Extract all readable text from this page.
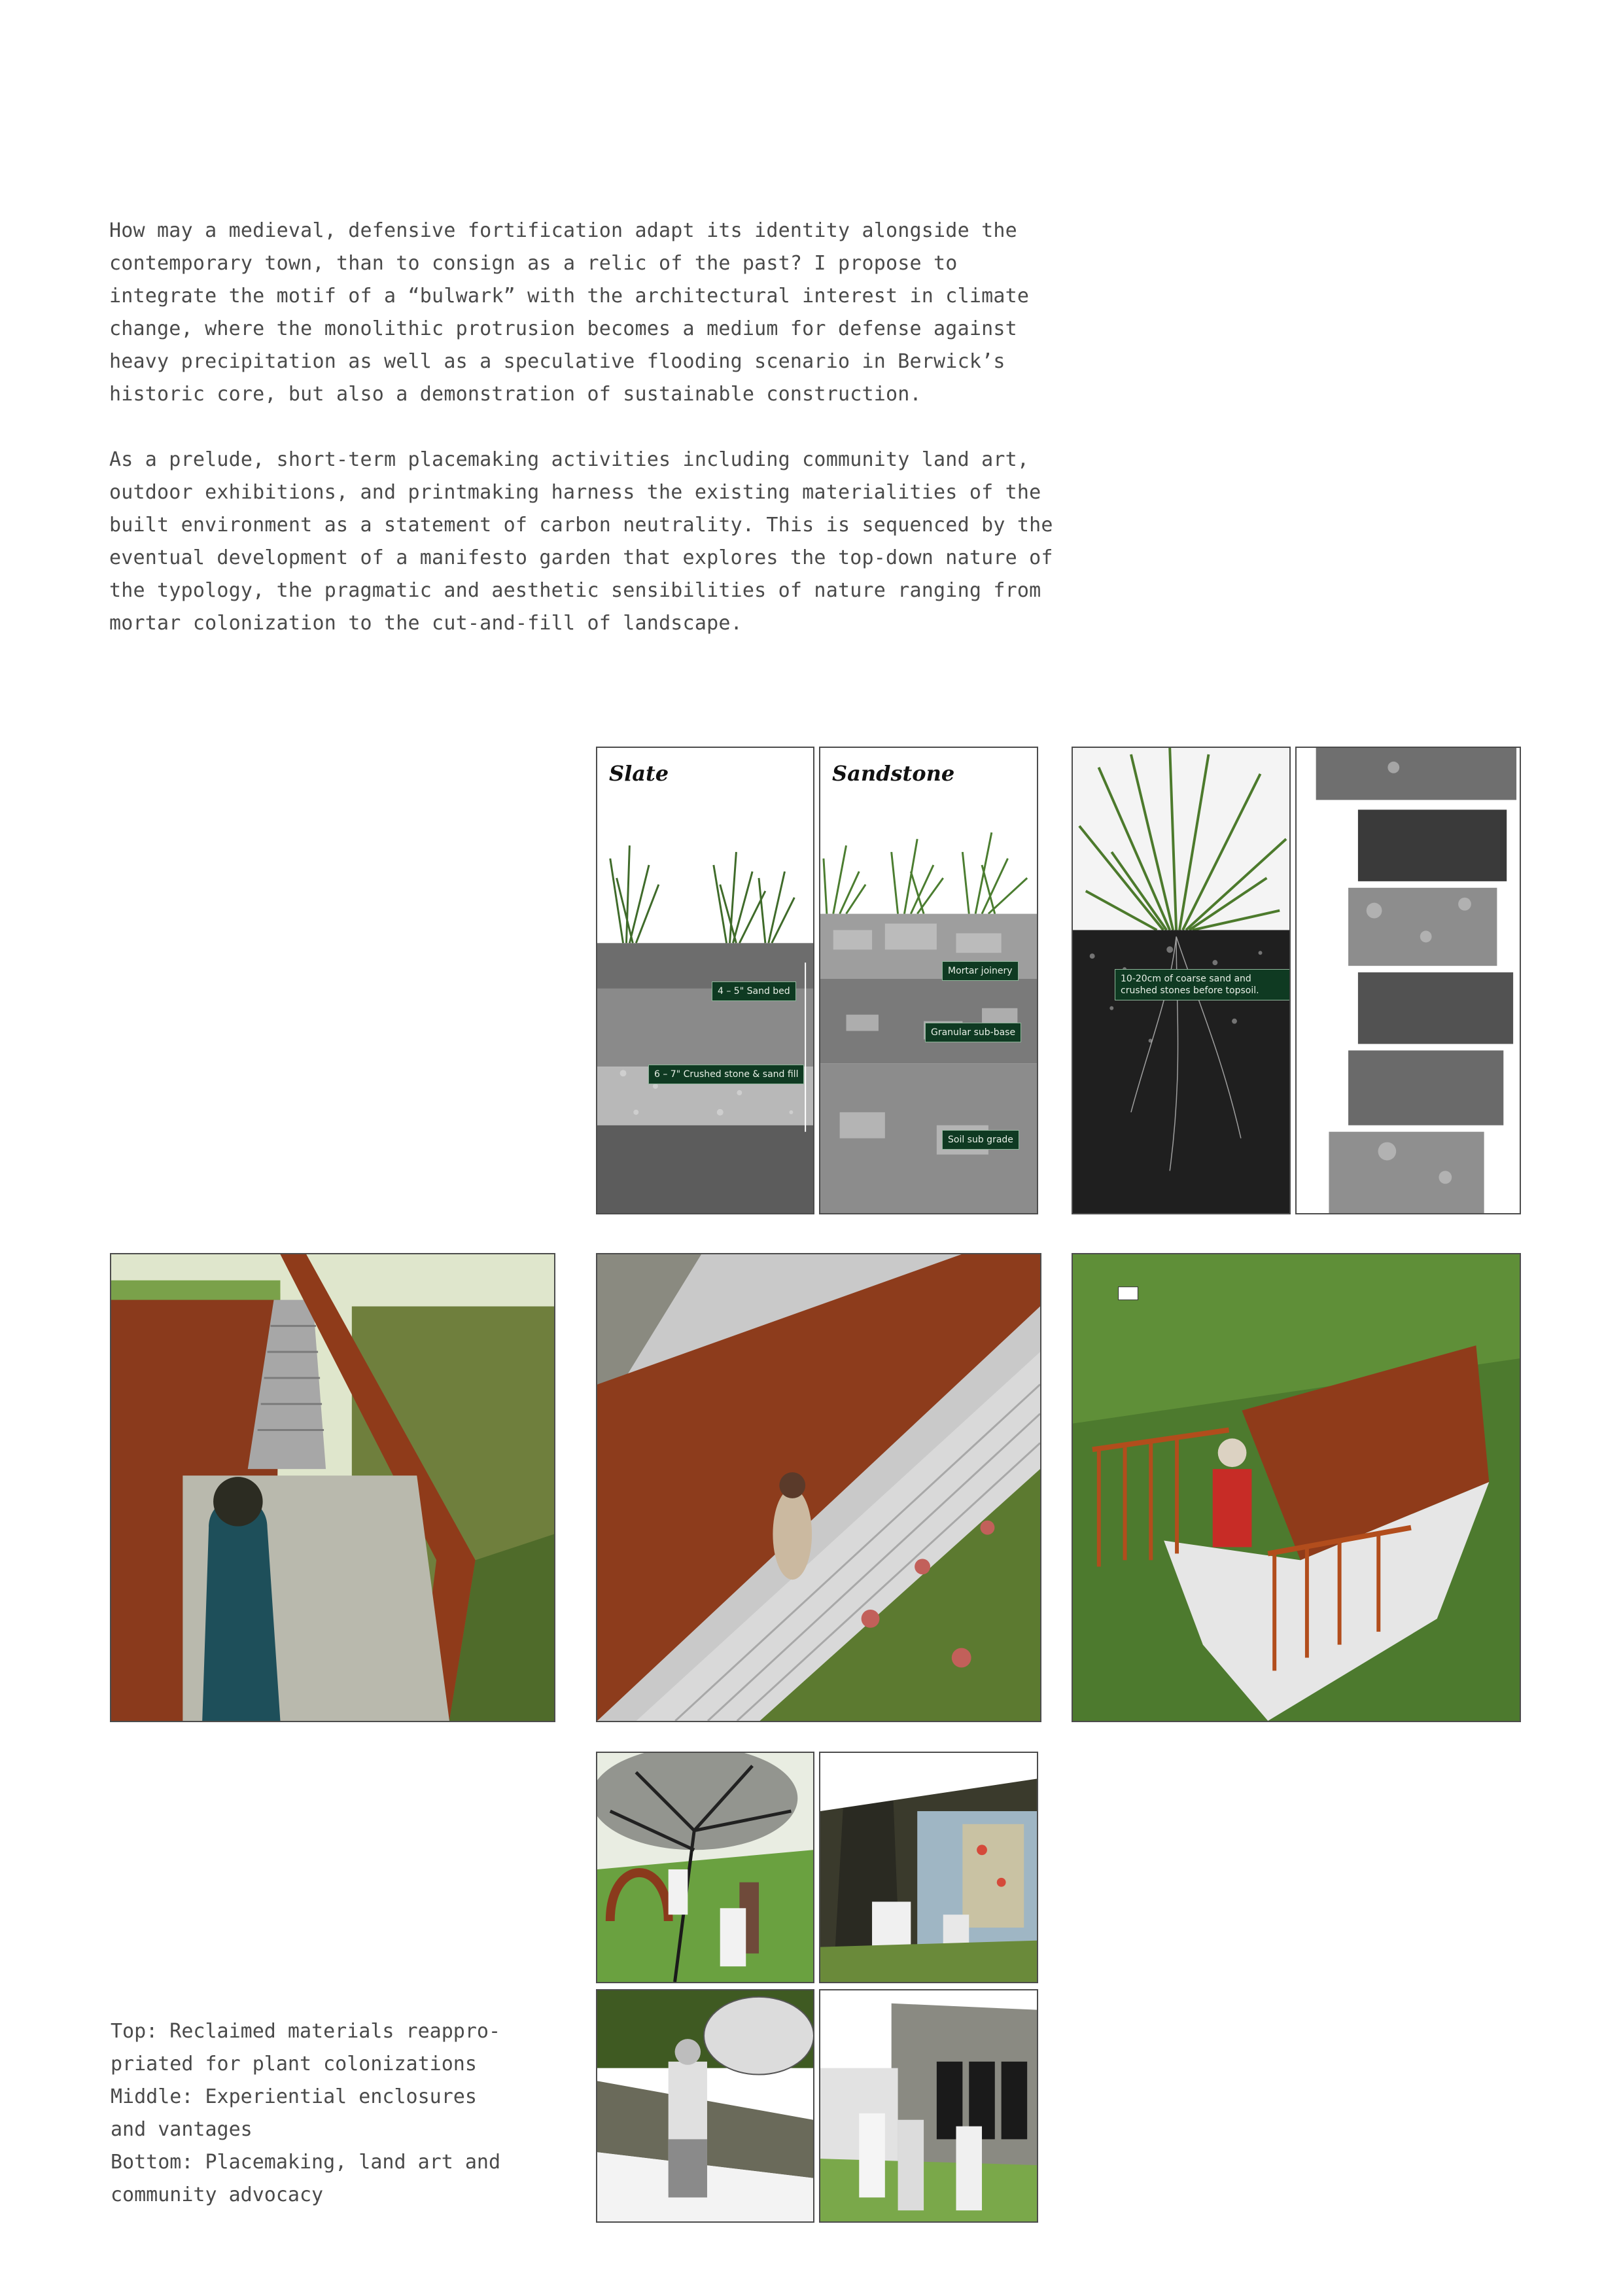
How may a medieval, defensive fortification adapt its identity alongside the
contemporary town, than to consign as a relic of the past? I propose to
integrate the motif of a “bulwark” with the architectural interest in climate
change, where the monolithic protrusion becomes a medium for defense against
heavy precipitation as well as a speculative flooding scenario in Berwick’s
historic core, but also a demonstration of sustainable construction.
As a prelude, short-term placemaking activities including community land art,
outdoor exhibitions, and printmaking harness the existing materialities of the
built environment as a statement of carbon neutrality. This is sequenced by the
eventual development of a manifesto garden that explores the top-down nature of
the typology, the pragmatic and aesthetic sensibilities of nature ranging from
mortar colonization to the cut-and-fill of landscape.
Slate
4 – 5" Sand bed
6 – 7" Crushed stone & sand fill
Sandstone
Mortar joinery
Granular sub-base
Soil sub grade
10-20cm of coarse sand and crushed stones before topsoil.
Top: Reclaimed materials reappro-
priated for plant colonizations
Middle: Experiential enclosures
and vantages
Bottom: Placemaking, land art and
community advocacy
